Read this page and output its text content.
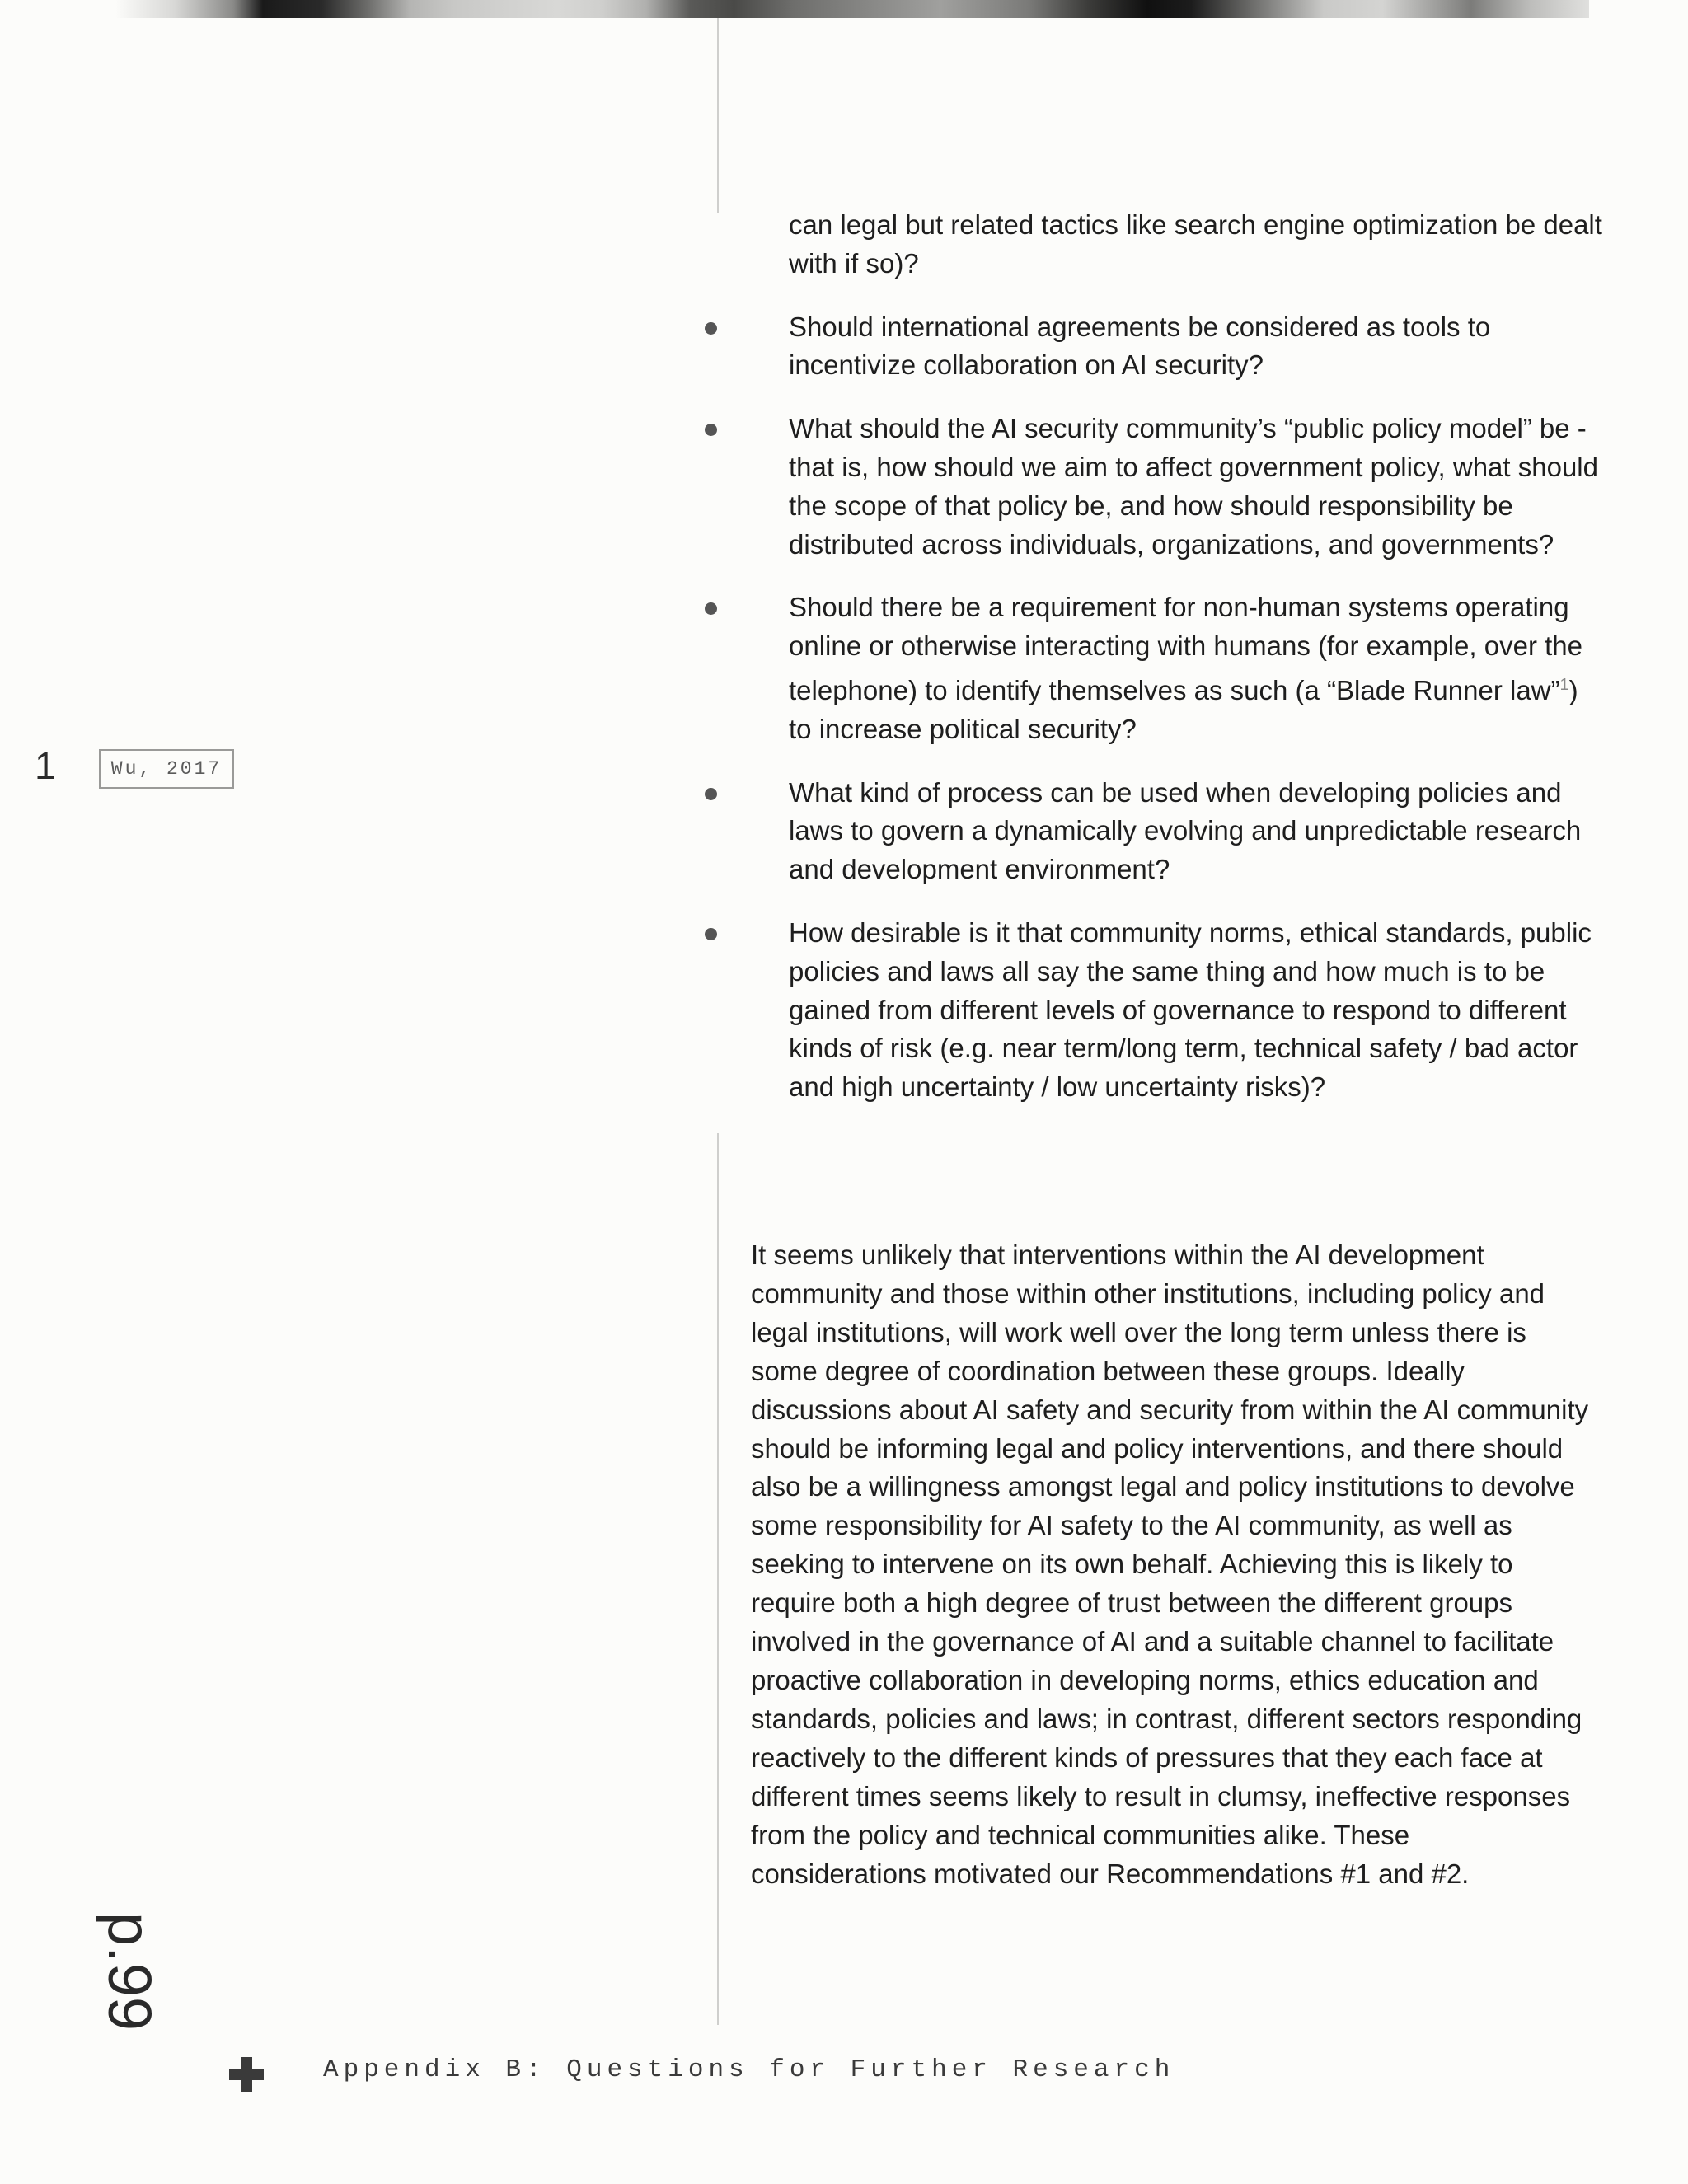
1	Wu, 2017
can legal but related tactics like search engine optimization be dealt with if so)?
Should international agreements be considered as tools to incentivize collaboration on AI security?
What should the AI security community’s “public policy model” be - that is, how should we aim to affect government policy, what should the scope of that policy be, and how should responsibility be distributed across individuals, organizations, and governments?
Should there be a requirement for non-human systems operating online or otherwise interacting with humans (for example, over the telephone) to identify themselves as such (a “Blade Runner law”$^1$) to increase political security?
What kind of process can be used when developing policies and laws to govern a dynamically evolving and unpredictable research and development environment?
How desirable is it that community norms, ethical standards, public policies and laws all say the same thing and how much is to be gained from different levels of governance to respond to different kinds of risk (e.g. near term/long term, technical safety / bad actor and high uncertainty / low uncertainty risks)?

It seems unlikely that interventions within the AI development community and those within other institutions, including policy and legal institutions, will work well over the long term unless there is some degree of coordination between these groups. Ideally discussions about AI safety and security from within the AI community should be informing legal and policy interventions, and there should also be a willingness amongst legal and policy institutions to devolve some responsibility for AI safety to the AI community, as well as seeking to intervene on its own behalf. Achieving this is likely to require both a high degree of trust between the different groups involved in the governance of AI and a suitable channel to facilitate proactive collaboration in developing norms, ethics education and standards, policies and laws; in contrast, different sectors responding reactively to the different kinds of pressures that they each face at different times seems likely to result in clumsy, ineffective responses from the policy and technical communities alike. These considerations motivated our Recommendations #1 and #2.

p.99
Appendix B: Questions for Further Research
